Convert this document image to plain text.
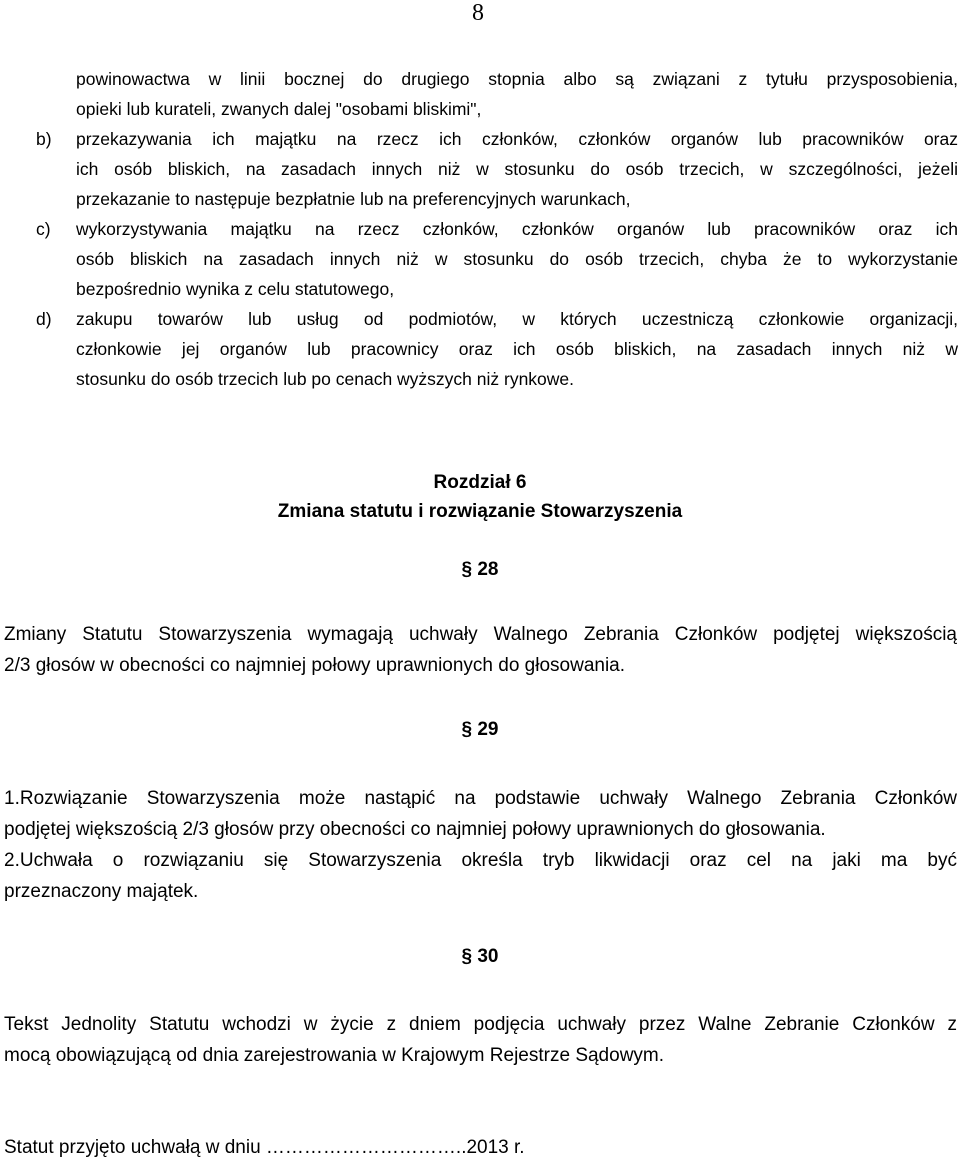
8
powinowactwa w linii bocznej do drugiego stopnia albo są związani z tytułu przysposobienia,
opieki lub kurateli, zwanych dalej "osobami bliskimi",
b) przekazywania ich majątku na rzecz ich członków, członków organów lub pracowników oraz
ich osób bliskich, na zasadach innych niż w stosunku do osób trzecich, w szczególności, jeżeli
przekazanie to następuje bezpłatnie lub na preferencyjnych warunkach,
c) wykorzystywania majątku na rzecz członków, członków organów lub pracowników oraz ich
osób bliskich na zasadach innych niż w stosunku do osób trzecich, chyba że to wykorzystanie
bezpośrednio wynika z celu statutowego,
d) zakupu towarów lub usług od podmiotów, w których uczestniczą członkowie organizacji,
członkowie jej organów lub pracownicy oraz ich osób bliskich, na zasadach innych niż w
stosunku do osób trzecich lub po cenach wyższych niż rynkowe.
Rozdział 6
Zmiana statutu i rozwiązanie Stowarzyszenia
§ 28
Zmiany Statutu Stowarzyszenia wymagają uchwały Walnego Zebrania Członków podjętej większością
2/3 głosów w obecności co najmniej połowy uprawnionych do głosowania.
§ 29
1.Rozwiązanie Stowarzyszenia może nastąpić na podstawie uchwały Walnego Zebrania Członków
podjętej większością 2/3 głosów przy obecności co najmniej połowy uprawnionych do głosowania.
2.Uchwała o rozwiązaniu się Stowarzyszenia określa tryb likwidacji oraz cel na jaki ma być
przeznaczony majątek.
§ 30
Tekst Jednolity Statutu wchodzi w życie z dniem podjęcia uchwały przez Walne Zebranie Członków z
mocą obowiązującą od dnia zarejestrowania w Krajowym Rejestrze Sądowym.
Statut przyjęto uchwałą w dniu …………………………..2013 r.
